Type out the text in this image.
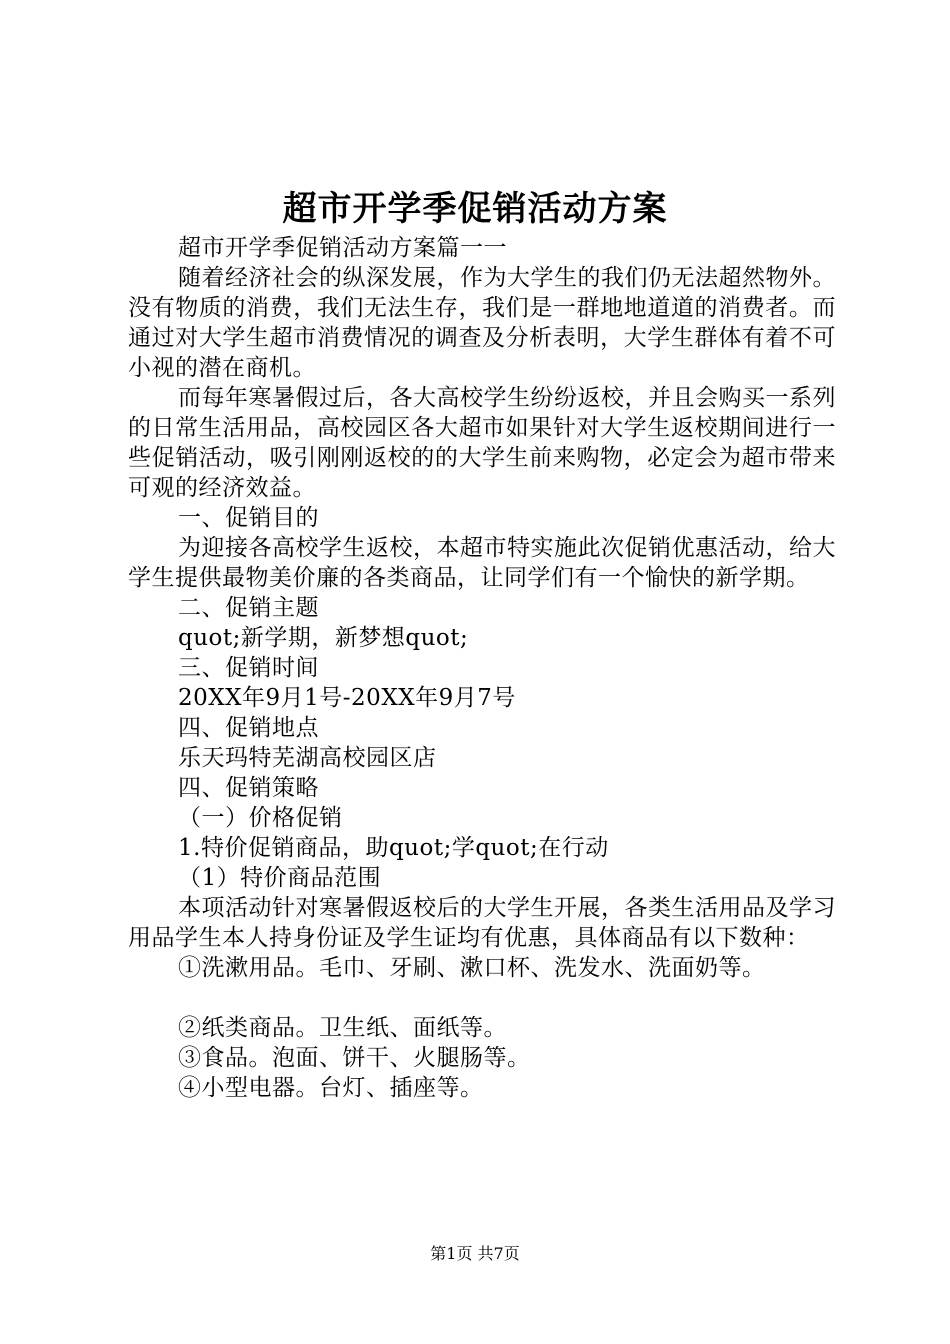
超市开学季促销活动方案

超市开学季促销活动方案篇一一

随着经济社会的纵深发展，作为大学生的我们仍无法超然物外。没有物质的消费，我们无法生存，我们是一群地地道道的消费者。而通过对大学生超市消费情况的调查及分析表明，大学生群体有着不可小视的潜在商机。

而每年寒暑假过后，各大高校学生纷纷返校，并且会购买一系列的日常生活用品，高校园区各大超市如果针对大学生返校期间进行一些促销活动，吸引刚刚返校的的大学生前来购物，必定会为超市带来可观的经济效益。

一、促销目的

为迎接各高校学生返校，本超市特实施此次促销优惠活动，给大学生提供最物美价廉的各类商品，让同学们有一个愉快的新学期。

二、促销主题

quot;新学期，新梦想quot;

三、促销时间

20XX年9月1号-20XX年9月7号

四、促销地点

乐天玛特芜湖高校园区店

四、促销策略

（一）价格促销

1.特价促销商品，助quot;学quot;在行动

（1）特价商品范围

本项活动针对寒暑假返校后的大学生开展，各类生活用品及学习用品学生本人持身份证及学生证均有优惠，具体商品有以下数种：

①洗漱用品。毛巾、牙刷、漱口杯、洗发水、洗面奶等。

②纸类商品。卫生纸、面纸等。

③食品。泡面、饼干、火腿肠等。

④小型电器。台灯、插座等。

第1页 共7页
